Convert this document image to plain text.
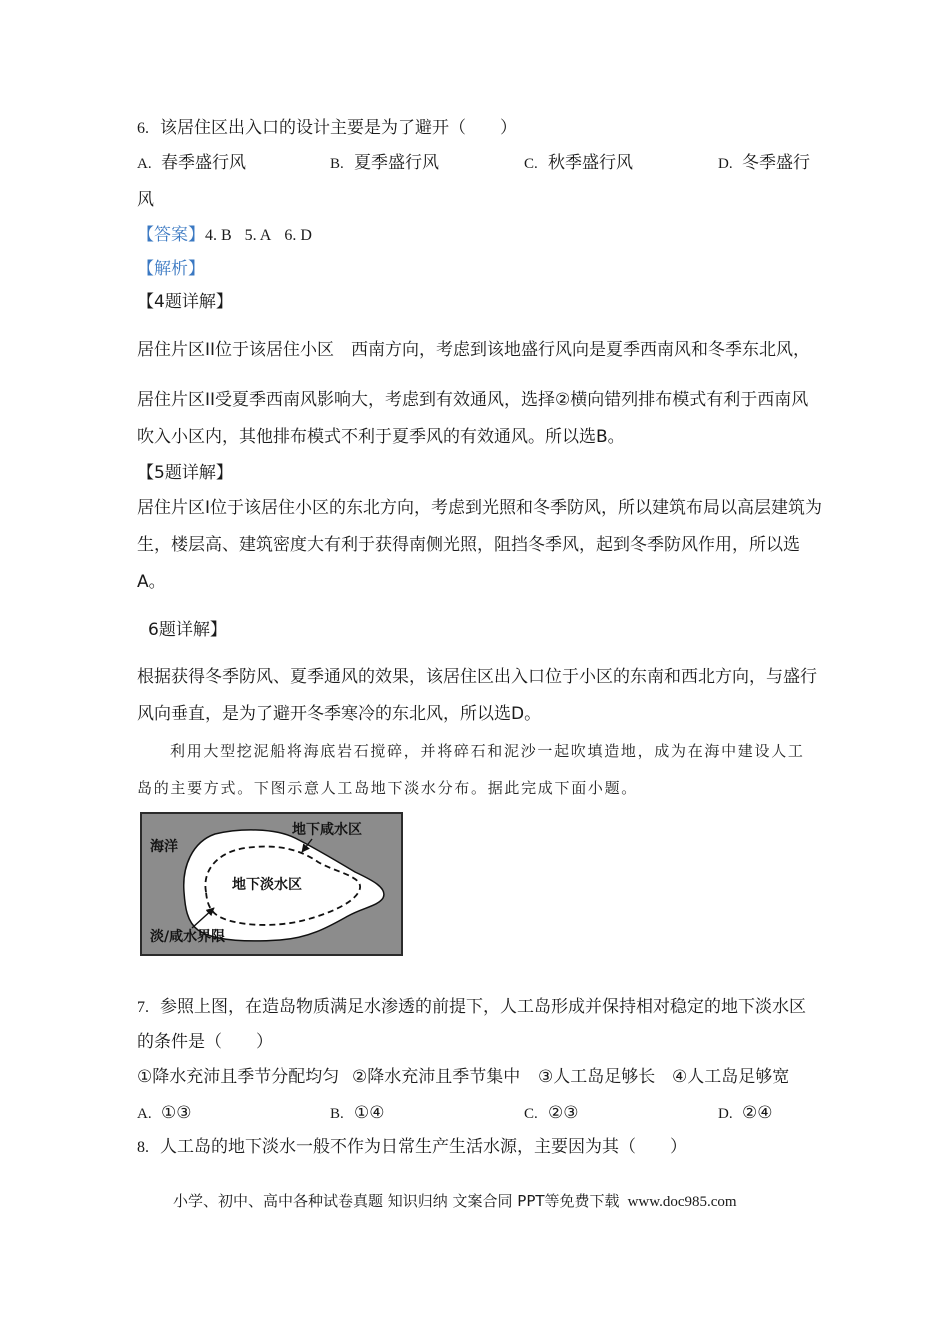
6. 该居住区出入口的设计主要是为了避开（　　）
A. 春季盛行风	B. 夏季盛行风	C. 秋季盛行风	D. 冬季盛行
风
【答案】4. B 5. A 6. D
【解析】
【4题详解】
居住片区II位于该居住小区　西南方向，考虑到该地盛行风向是夏季西南风和冬季东北风，
居住片区II受夏季西南风影响大，考虑到有效通风，选择②横向错列排布模式有利于西南风
吹入小区内，其他排布模式不利于夏季风的有效通风。所以选B。
【5题详解】
居住片区I位于该居住小区的东北方向，考虑到光照和冬季防风，所以建筑布局以高层建筑为
生，楼层高、建筑密度大有利于获得南侧光照，阻挡冬季风，起到冬季防风作用，所以选
A。
6题详解】
根据获得冬季防风、夏季通风的效果，该居住区出入口位于小区的东南和西北方向，与盛行
风向垂直，是为了避开冬季寒冷的东北风，所以选D。
利用大型挖泥船将海底岩石搅碎，并将碎石和泥沙一起吹填造地，成为在海中建设人工
岛的主要方式。下图示意人工岛地下淡水分布。据此完成下面小题。
海洋
地下咸水区
地下淡水区
淡/咸水界限
7. 参照上图，在造岛物质满足水渗透的前提下，人工岛形成并保持相对稳定的地下淡水区
的条件是（　　）
①降水充沛且季节分配均匀 ②降水充沛且季节集中 ③人工岛足够长 ④人工岛足够宽
A. ①③	B. ①④	C. ②③	D. ②④
8. 人工岛的地下淡水一般不作为日常生产生活水源，主要因为其（　　）
小学、初中、高中各种试卷真题 知识归纳 文案合同 PPT等免费下载 www.doc985.com
